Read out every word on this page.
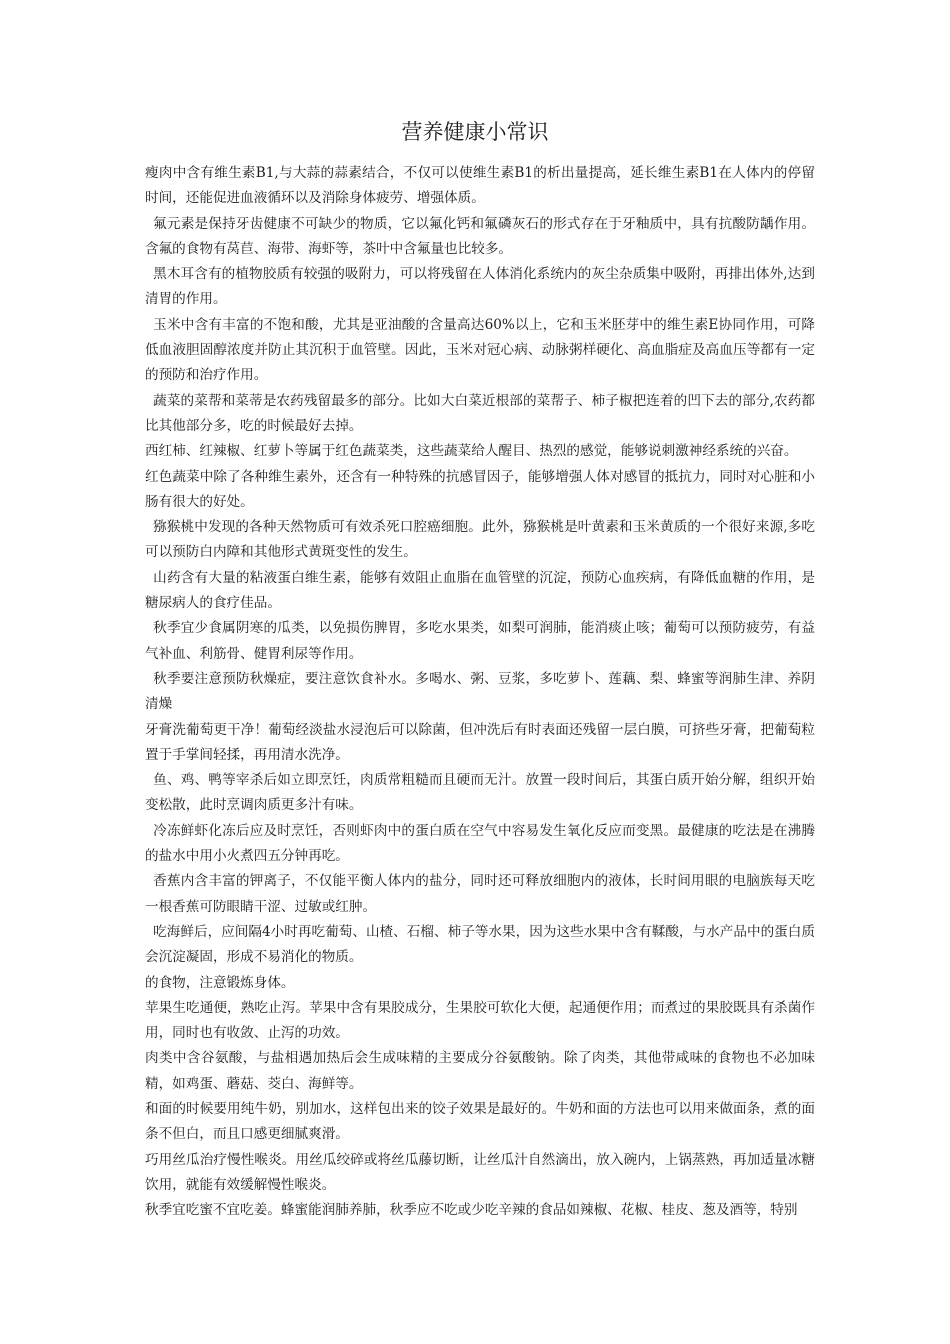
营养健康小常识

瘦肉中含有维生素B1,与大蒜的蒜素结合，不仅可以使维生素B1的析出量提高，延长维生素B1在人体内的停留时间，还能促进血液循环以及消除身体疲劳、增强体质。

氟元素是保持牙齿健康不可缺少的物质，它以氟化钙和氟磷灰石的形式存在于牙釉质中，具有抗酸防龋作用。含氟的食物有莴苣、海带、海虾等，茶叶中含氟量也比较多。

黑木耳含有的植物胶质有较强的吸附力，可以将残留在人体消化系统内的灰尘杂质集中吸附，再排出体外,达到清胃的作用。

玉米中含有丰富的不饱和酸，尤其是亚油酸的含量高达60%以上，它和玉米胚芽中的维生素E协同作用，可降低血液胆固醇浓度并防止其沉积于血管壁。因此，玉米对冠心病、动脉粥样硬化、高血脂症及高血压等都有一定的预防和治疗作用。

蔬菜的菜帮和菜蒂是农药残留最多的部分。比如大白菜近根部的菜帮子、柿子椒把连着的凹下去的部分,农药都比其他部分多，吃的时候最好去掉。

西红柿、红辣椒、红萝卜等属于红色蔬菜类，这些蔬菜给人醒目、热烈的感觉，能够说刺激神经系统的兴奋。

红色蔬菜中除了各种维生素外，还含有一种特殊的抗感冒因子，能够增强人体对感冒的抵抗力，同时对心脏和小肠有很大的好处。

猕猴桃中发现的各种天然物质可有效杀死口腔癌细胞。此外，猕猴桃是叶黄素和玉米黄质的一个很好来源,多吃可以预防白内障和其他形式黄斑变性的发生。

山药含有大量的粘液蛋白维生素，能够有效阻止血脂在血管壁的沉淀，预防心血疾病，有降低血糖的作用，是糖尿病人的食疗佳品。

秋季宜少食属阴寒的瓜类，以免损伤脾胃，多吃水果类，如梨可润肺，能消痰止咳；葡萄可以预防疲劳，有益气补血、利筋骨、健胃利尿等作用。

秋季要注意预防秋燥症，要注意饮食补水。多喝水、粥、豆浆，多吃萝卜、莲藕、梨、蜂蜜等润肺生津、养阴清燥

牙膏洗葡萄更干净！葡萄经淡盐水浸泡后可以除菌，但冲洗后有时表面还残留一层白膜，可挤些牙膏，把葡萄粒置于手掌间轻揉，再用清水洗净。

鱼、鸡、鸭等宰杀后如立即烹饪，肉质常粗糙而且硬而无汁。放置一段时间后，其蛋白质开始分解，组织开始变松散，此时烹调肉质更多汁有味。

冷冻鲜虾化冻后应及时烹饪，否则虾肉中的蛋白质在空气中容易发生氧化反应而变黑。最健康的吃法是在沸腾的盐水中用小火煮四五分钟再吃。

香蕉内含丰富的钾离子，不仅能平衡人体内的盐分，同时还可释放细胞内的液体，长时间用眼的电脑族每天吃一根香蕉可防眼睛干涩、过敏或红肿。

吃海鲜后，应间隔4小时再吃葡萄、山楂、石榴、柿子等水果，因为这些水果中含有鞣酸，与水产品中的蛋白质会沉淀凝固，形成不易消化的物质。

的食物，注意锻炼身体。

苹果生吃通便，熟吃止泻。苹果中含有果胶成分，生果胶可软化大便，起通便作用；而煮过的果胶既具有杀菌作用，同时也有收敛、止泻的功效。

肉类中含谷氨酸，与盐相遇加热后会生成味精的主要成分谷氨酸钠。除了肉类，其他带咸味的食物也不必加味精，如鸡蛋、蘑菇、茭白、海鲜等。

和面的时候要用纯牛奶，别加水，这样包出来的饺子效果是最好的。牛奶和面的方法也可以用来做面条，煮的面条不但白，而且口感更细腻爽滑。

巧用丝瓜治疗慢性喉炎。用丝瓜绞碎或将丝瓜藤切断，让丝瓜汁自然滴出，放入碗内，上锅蒸熟，再加适量冰糖饮用，就能有效缓解慢性喉炎。

秋季宜吃蜜不宜吃姜。蜂蜜能润肺养肺，秋季应不吃或少吃辛辣的食品如辣椒、花椒、桂皮、葱及酒等，特别
